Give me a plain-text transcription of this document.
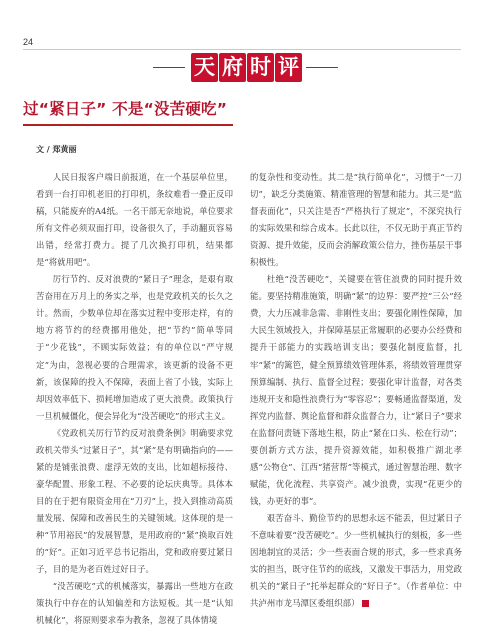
24
天 府 时 评
过“紧日子” 不是“没苦硬吃”
文 / 郑黄丽

人民日报客户端日前报道，在一个基层单位里，看到一台打印机老旧的打印机，条纹难看一叠正反印稿，只能废弃的A4纸。一名干部无奈地说，单位要求所有文件必须双面打印，设备很久了，手动翻页容易出错，经常打费力。提了几次换打印机，结果都是“将就用吧”。

厉行节约、反对浪费的“紧日子”理念，是艰有取苦奋用在万月上的务实之举，也是党政机关的长久之计。然而，少数单位却在落实过程中变形走样，有的地方将节约的经费挪用他处，把“节约”简单等同于“少花钱”，不顾实际效益；有的单位以“严守规定”为由，忽视必要的合理需求，该更新的设备不更新，该保障的投入不保障，表面上省了小钱，实际上却因效率低下、损耗增加造成了更大浪费。政策执行一旦机械僵化，便会异化为“没苦硬吃”的形式主义。

《党政机关厉行节约反对浪费条例》明确要求党政机关带头“过紧日子”，其“紧”是有明确指向的——紧的是铺张浪费、虚浮无效的支出，比如超标接待、豪华配置、形象工程、不必要的论坛庆典等。具体本目的在于把有限资金用在“刀刃”上，投入到推动高质量发展、保障和改善民生的关键领域。这体现的是一种“节用裕民”的发展智慧，是用政府的“紧”换取百姓的“好”。正如习近平总书记指出，党和政府要过紧日子，目的是为老百姓过好日子。

“没苦硬吃”式的机械落实，暴露出一些地方在政策执行中存在的认知偏差和方法短板。其一是“认知机械化”，将原则要求奉为教条，忽视了具体情境

的复杂性和变动性。其二是“执行简单化”，习惯于“一刀切”，缺乏分类施策、精准管理的智慧和能力。其三是“监督表面化”，只关注是否“严格执行了规定”，不深究执行的实际效果和综合成本。长此以往，不仅无助于真正节约资源、提升效能，反而会消解政策公信力，挫伤基层干事积极性。

杜绝“没苦硬吃”，关键要在管住浪费的同时提升效能。要坚持精准施策，明确“紧”的边界：要严控“三公”经费，大力压减非急需、非刚性支出；要强化刚性保障，加大民生领域投入，并保障基层正常履职的必要办公经费和提升干部能力的实践培训支出；要强化制度监督，扎牢“紧”的篱笆，健全预算绩效管理体系，将绩效管理贯穿预算编制、执行、监督全过程；要强化审计监督，对各类违规开支和隐性浪费行为“零容忍”；要畅通监督渠道，发挥党内监督、舆论监督和群众监督合力，让“紧日子”要求在监督问责链下落地生根，防止“紧在口头、松在行动”；要创新方式方法，提升资源效能，如积极推广湖北孝感“公物仓”、江西“猪营帮”等模式，通过智慧治理、数字赋能，优化流程、共享资产。减少浪费，实现“花更少的钱，办更好的事”。

艰苦奋斗、勤俭节约的思想永远不能丢，但过紧日子不意味着要“没苦硬吃”。少一些机械执行的刻板，多一些因地制宜的灵活；少一些表面合规的形式，多一些求真务实的担当，既守住节约的底线，又激发干事活力，用党政机关的“紧日子”托举起群众的“好日子”。（作者单位：中共泸州市龙马潭区委组织部）	▣
